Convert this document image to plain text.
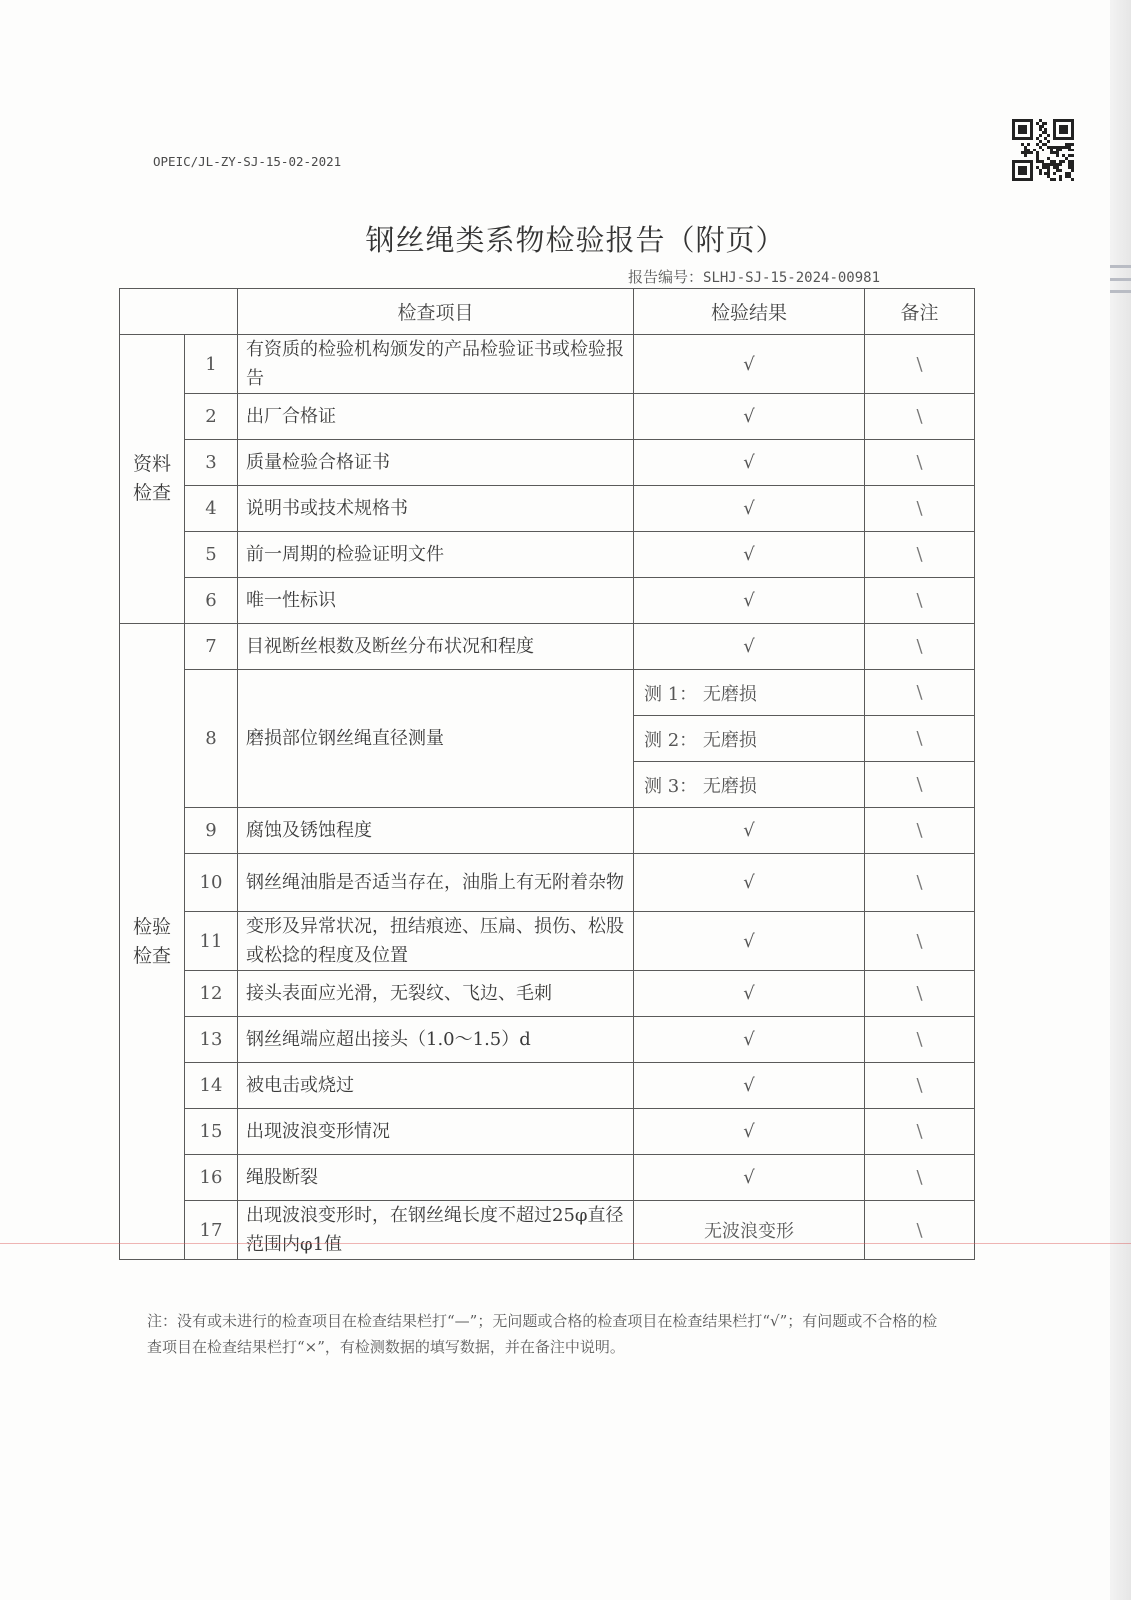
OPEIC/JL-ZY-SJ-15-02-2021
钢丝绳类系物检验报告（附页）
报告编号：SLHJ-SJ-15-2024-00981
		检查项目	检验结果	备注
资料检查	1	有资质的检验机构颁发的产品检验证书或检验报告	√	\
	2	出厂合格证	√	\
	3	质量检验合格证书	√	\
	4	说明书或技术规格书	√	\
	5	前一周期的检验证明文件	√	\
	6	唯一性标识	√	\
检验检查	7	目视断丝根数及断丝分布状况和程度	√	\
	8	磨损部位钢丝绳直径测量	测 1： 无磨损	\
			测 2： 无磨损	\
			测 3： 无磨损	\
	9	腐蚀及锈蚀程度	√	\
	10	钢丝绳油脂是否适当存在，油脂上有无附着杂物	√	\
	11	变形及异常状况，扭结痕迹、压扁、损伤、松股或松捻的程度及位置	√	\
	12	接头表面应光滑，无裂纹、飞边、毛刺	√	\
	13	钢丝绳端应超出接头（1.0～1.5）d	√	\
	14	被电击或烧过	√	\
	15	出现波浪变形情况	√	\
	16	绳股断裂	√	\
	17	出现波浪变形时，在钢丝绳长度不超过25φ直径范围内φ1值	无波浪变形	\
注：没有或未进行的检查项目在检查结果栏打“—”；无问题或合格的检查项目在检查结果栏打“√”；有问题或不合格的检查项目在检查结果栏打“×”，有检测数据的填写数据，并在备注中说明。
